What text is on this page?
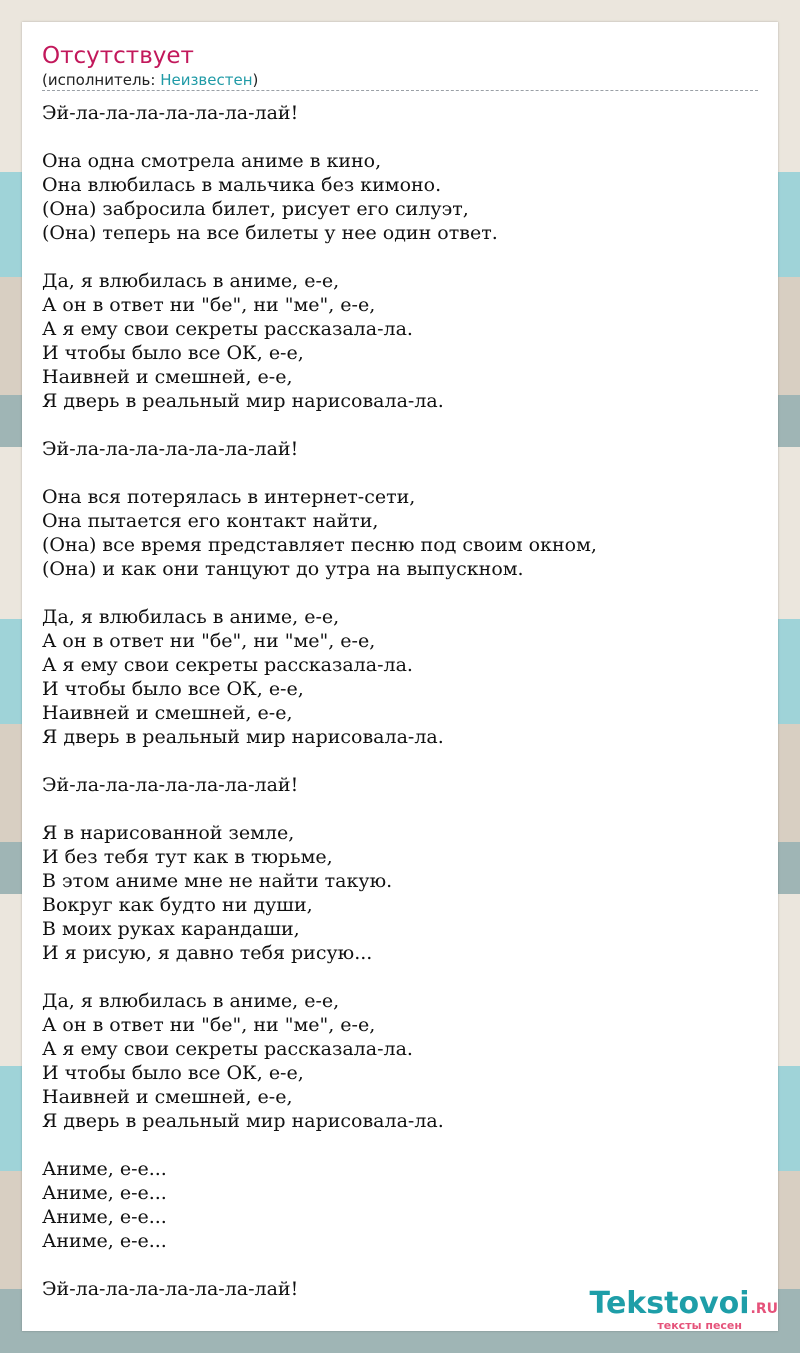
Отсутствует
(исполнитель: Неизвестен)
Эй-ла-ла-ла-ла-ла-ла-лай!
Она одна смотрела аниме в кино,
Она влюбилась в мальчика без кимоно.
(Она) забросила билет, рисует его силуэт,
(Она) теперь на все билеты у нее один ответ.
Да, я влюбилась в аниме, е-е,
А он в ответ ни "бе", ни "ме", е-е,
А я ему свои секреты рассказала-ла.
И чтобы было все ОК, е-е,
Наивней и смешней, е-е,
Я дверь в реальный мир нарисовала-ла.
Эй-ла-ла-ла-ла-ла-ла-лай!
Она вся потерялась в интернет-сети,
Она пытается его контакт найти,
(Она) все время представляет песню под своим окном,
(Она) и как они танцуют до утра на выпускном.
Да, я влюбилась в аниме, е-е,
А он в ответ ни "бе", ни "ме", е-е,
А я ему свои секреты рассказала-ла.
И чтобы было все ОК, е-е,
Наивней и смешней, е-е,
Я дверь в реальный мир нарисовала-ла.
Эй-ла-ла-ла-ла-ла-ла-лай!
Я в нарисованной земле,
И без тебя тут как в тюрьме,
В этом аниме мне не найти такую.
Вокруг как будто ни души,
В моих руках карандаши,
И я рисую, я давно тебя рисую...
Да, я влюбилась в аниме, е-е,
А он в ответ ни "бе", ни "ме", е-е,
А я ему свои секреты рассказала-ла.
И чтобы было все ОК, е-е,
Наивней и смешней, е-е,
Я дверь в реальный мир нарисовала-ла.
Аниме, е-е...
Аниме, е-е...
Аниме, е-е...
Аниме, е-е...
Эй-ла-ла-ла-ла-ла-ла-лай!	Tekstovoi.RU
тексты песен
